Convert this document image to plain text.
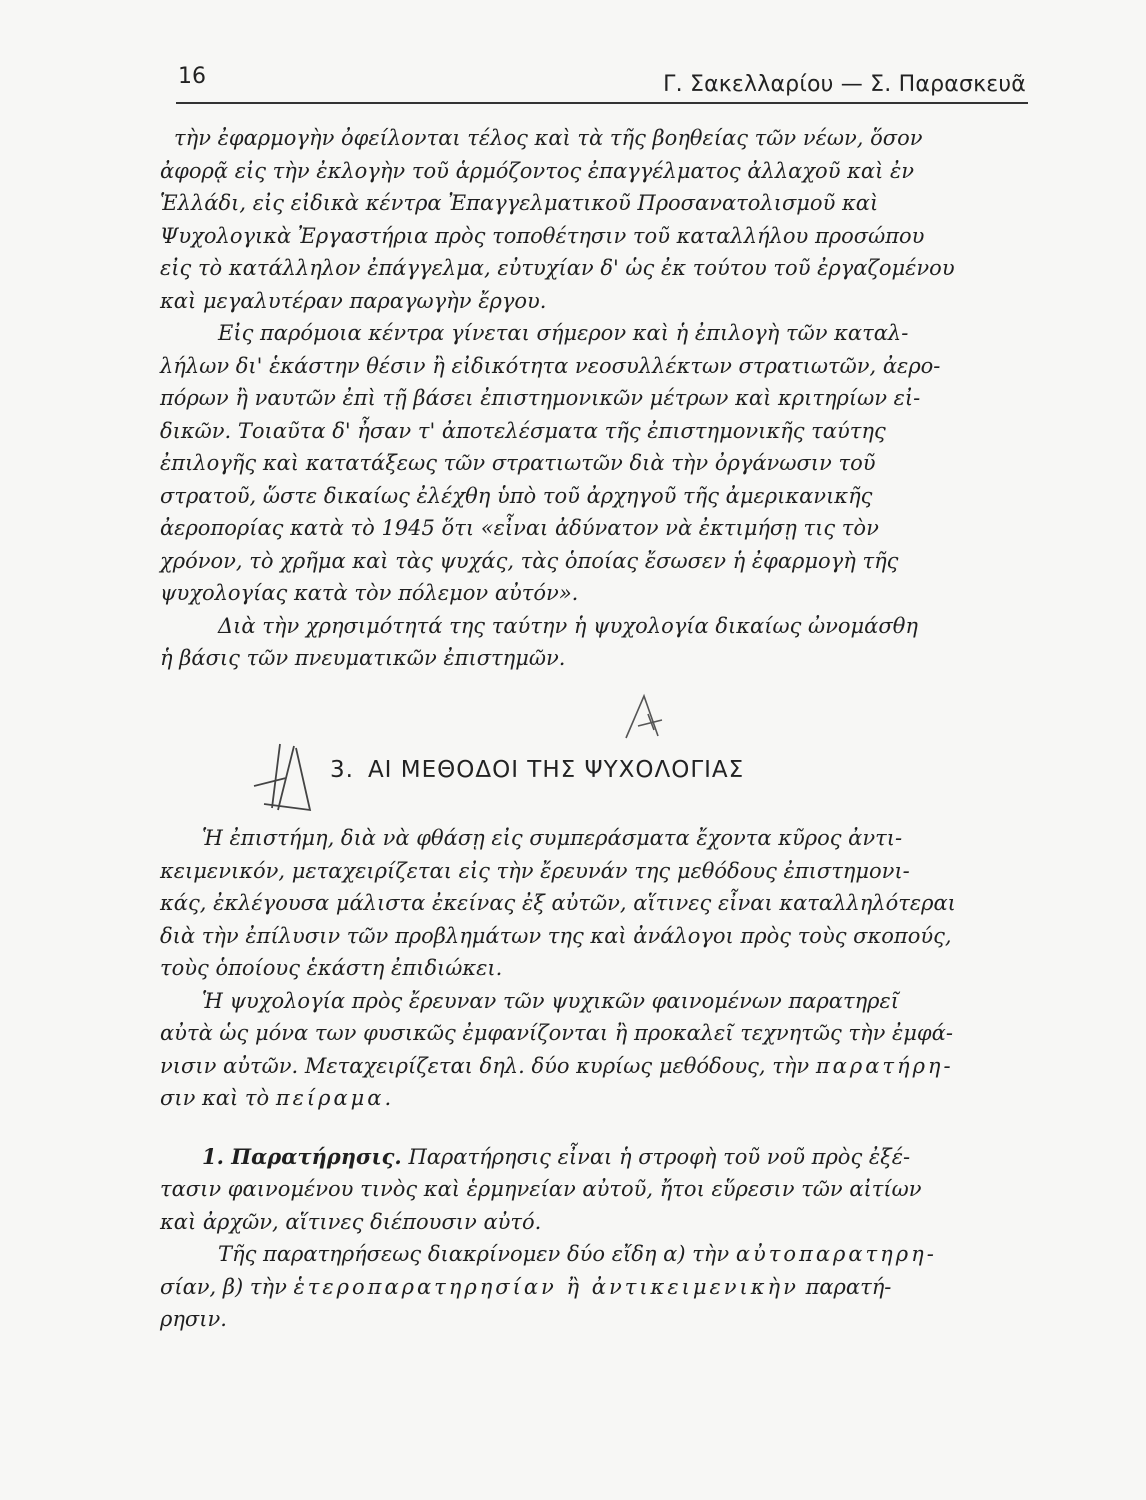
16	Γ. Σακελλαρίου — Σ. Παρασκευᾶ
τὴν ἐφαρμογὴν ὀφείλονται τέλος καὶ τὰ τῆς βοηθείας τῶν νέων, ὅσον
ἀφορᾷ εἰς τὴν ἐκλογὴν τοῦ ἁρμόζοντος ἐπαγγέλματος ἀλλαχοῦ καὶ ἐν
Ἑλλάδι, εἰς εἰδικὰ κέντρα Ἐπαγγελματικοῦ Προσανατολισμοῦ καὶ
Ψυχολογικὰ Ἐργαστήρια πρὸς τοποθέτησιν τοῦ καταλλήλου προσώπου
εἰς τὸ κατάλληλον ἐπάγγελμα, εὐτυχίαν δ' ὡς ἐκ τούτου τοῦ ἐργαζομένου
καὶ μεγαλυτέραν παραγωγὴν ἔργου.
Εἰς παρόμοια κέντρα γίνεται σήμερον καὶ ἡ ἐπιλογὴ τῶν καταλ-
λήλων δι' ἑκάστην θέσιν ἢ εἰδικότητα νεοσυλλέκτων στρατιωτῶν, ἀερο-
πόρων ἢ ναυτῶν ἐπὶ τῇ βάσει ἐπιστημονικῶν μέτρων καὶ κριτηρίων εἰ-
δικῶν. Τοιαῦτα δ' ἦσαν τ' ἀποτελέσματα τῆς ἐπιστημονικῆς ταύτης
ἐπιλογῆς καὶ κατατάξεως τῶν στρατιωτῶν διὰ τὴν ὀργάνωσιν τοῦ
στρατοῦ, ὥστε δικαίως ἐλέχθη ὑπὸ τοῦ ἀρχηγοῦ τῆς ἀμερικανικῆς
ἀεροπορίας κατὰ τὸ 1945 ὅτι «εἶναι ἀδύνατον νὰ ἐκτιμήσῃ τις τὸν
χρόνον, τὸ χρῆμα καὶ τὰς ψυχάς, τὰς ὁποίας ἔσωσεν ἡ ἐφαρμογὴ τῆς
ψυχολογίας κατὰ τὸν πόλεμον αὐτόν».
Διὰ τὴν χρησιμότητά της ταύτην ἡ ψυχολογία δικαίως ὠνομάσθη
ἡ βάσις τῶν πνευματικῶν ἐπιστημῶν.
3. ΑΙ ΜΕΘΟΔΟΙ ΤΗΣ ΨΥΧΟΛΟΓΙΑΣ
Ἡ ἐπιστήμη, διὰ νὰ φθάσῃ εἰς συμπεράσματα ἔχοντα κῦρος ἀντι-
κειμενικόν, μεταχειρίζεται εἰς τὴν ἔρευνάν της μεθόδους ἐπιστημονι-
κάς, ἐκλέγουσα μάλιστα ἐκείνας ἐξ αὐτῶν, αἵτινες εἶναι καταλληλότεραι
διὰ τὴν ἐπίλυσιν τῶν προβλημάτων της καὶ ἀνάλογοι πρὸς τοὺς σκοπούς,
τοὺς ὁποίους ἑκάστη ἐπιδιώκει.
Ἡ ψυχολογία πρὸς ἔρευναν τῶν ψυχικῶν φαινομένων παρατηρεῖ
αὐτὰ ὡς μόνα των φυσικῶς ἐμφανίζονται ἢ προκαλεῖ τεχνητῶς τὴν ἐμφά-
νισιν αὐτῶν. Μεταχειρίζεται δηλ. δύο κυρίως μεθόδους, τὴν παρατήρη-
σιν καὶ τὸ πείραμα.
1. Παρατήρησις. Παρατήρησις εἶναι ἡ στροφὴ τοῦ νοῦ πρὸς ἐξέ-
τασιν φαινομένου τινὸς καὶ ἑρμηνείαν αὐτοῦ, ἤτοι εὕρεσιν τῶν αἰτίων
καὶ ἀρχῶν, αἵτινες διέπουσιν αὐτό.
Τῆς παρατηρήσεως διακρίνομεν δύο εἴδη α) τὴν αὐτοπαρατηρη-
σίαν, β) τὴν ἑτεροπαρατηρησίαν ἢ ἀντικειμενικὴν παρατή-
ρησιν.
